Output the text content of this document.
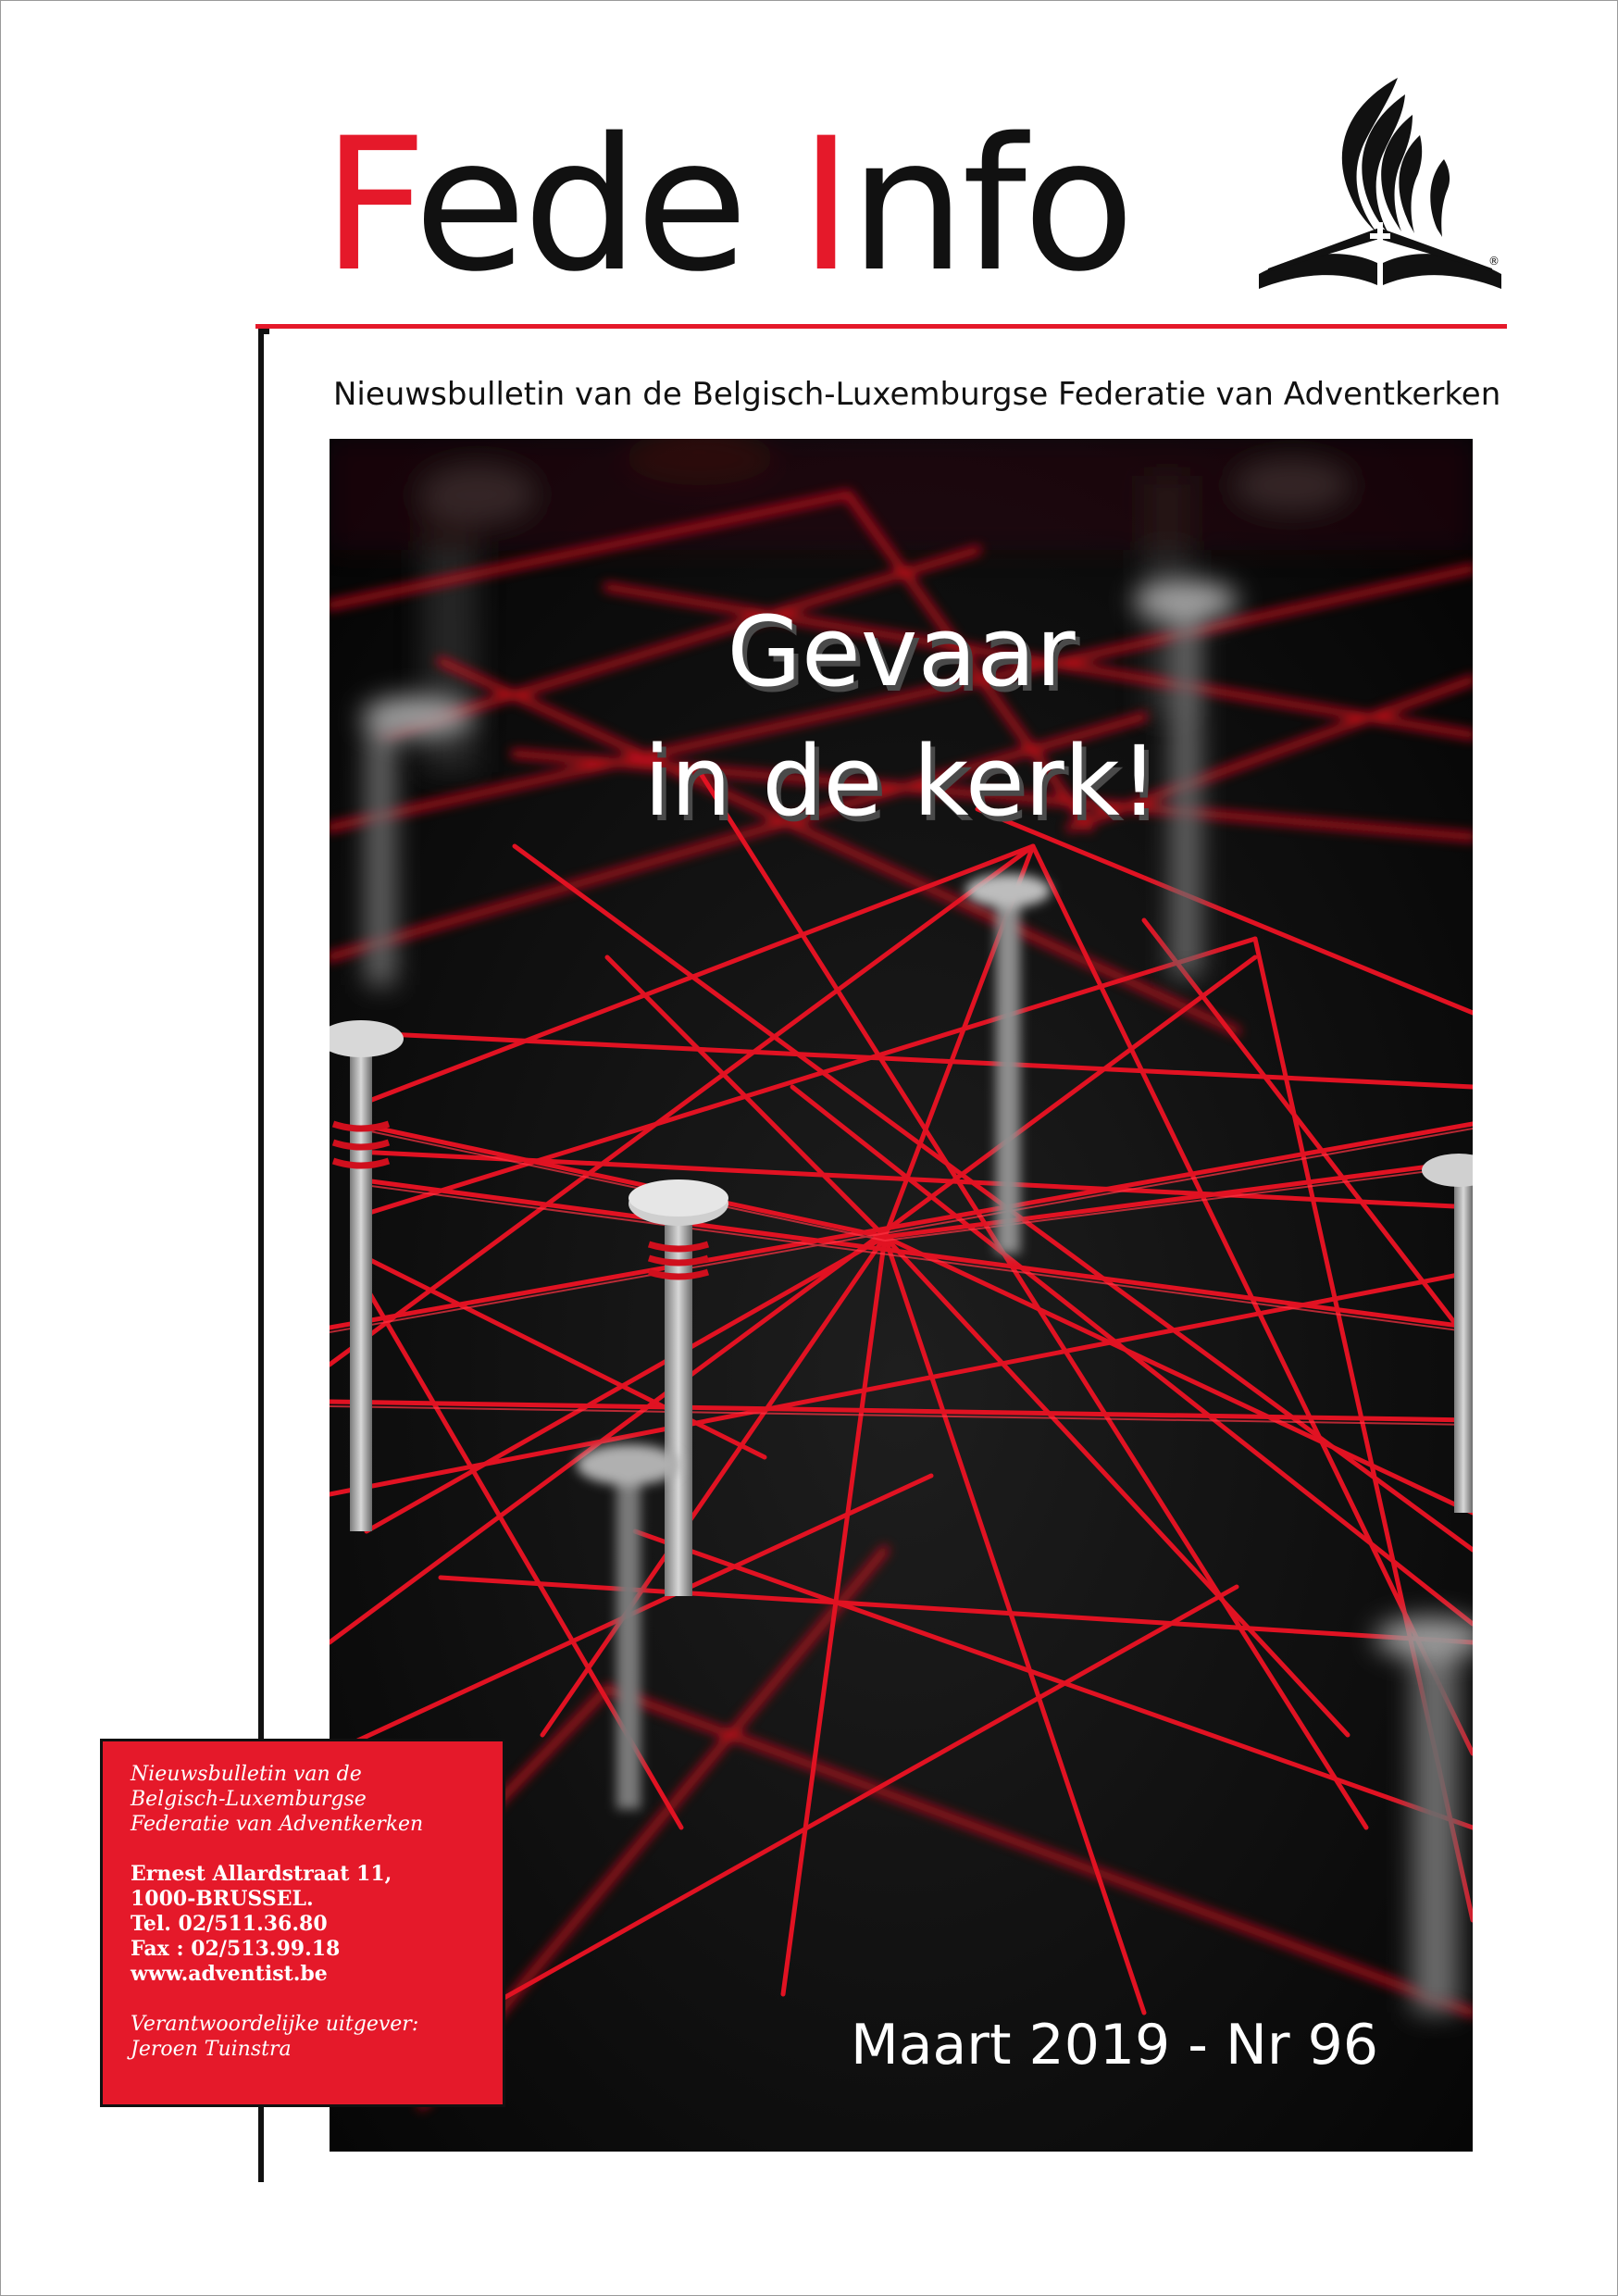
Fede Info	®
Nieuwsbulletin van de Belgisch-Luxemburgse Federatie van Adventkerken
Gevaar
in de kerk!
Maart 2019 - Nr 96
Nieuwsbulletin van de
Belgisch-Luxemburgse
Federatie van Adventkerken
Ernest Allardstraat 11,
1000-BRUSSEL.
Tel. 02/511.36.80
Fax : 02/513.99.18
www.adventist.be
Verantwoordelijke uitgever:
Jeroen Tuinstra
